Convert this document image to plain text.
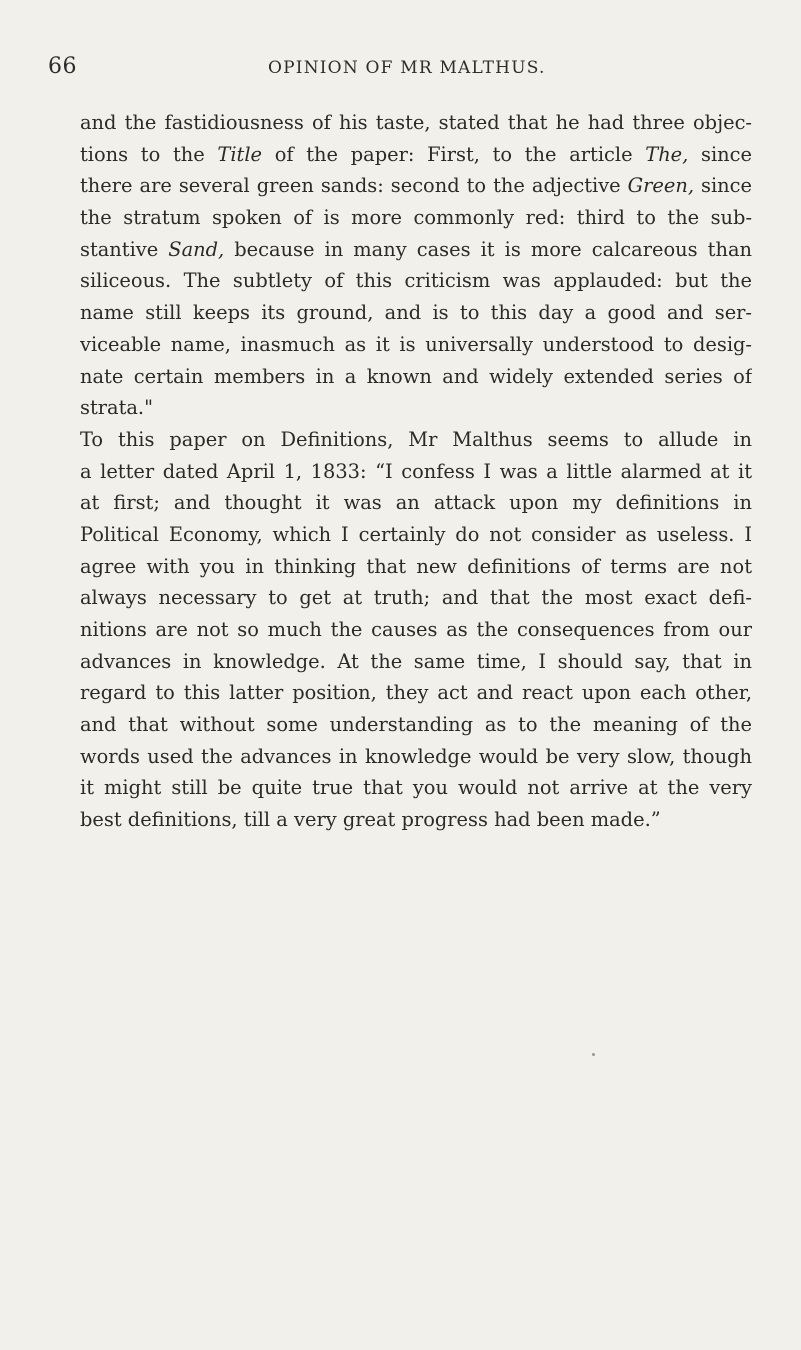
66	OPINION OF MR MALTHUS.
and the fastidiousness of his taste, stated that he had three objec-
tions to the Title of the paper: First, to the article The, since
there are several green sands: second to the adjective Green, since
the stratum spoken of is more commonly red: third to the sub-
stantive Sand, because in many cases it is more calcareous than
siliceous. The subtlety of this criticism was applauded: but the
name still keeps its ground, and is to this day a good and ser-
viceable name, inasmuch as it is universally understood to desig-
nate certain members in a known and widely extended series of
strata."
To this paper on Definitions, Mr Malthus seems to allude in
a letter dated April 1, 1833: “I confess I was a little alarmed at it
at first; and thought it was an attack upon my definitions in
Political Economy, which I certainly do not consider as useless. I
agree with you in thinking that new definitions of terms are not
always necessary to get at truth; and that the most exact defi-
nitions are not so much the causes as the consequences from our
advances in knowledge. At the same time, I should say, that in
regard to this latter position, they act and react upon each other,
and that without some understanding as to the meaning of the
words used the advances in knowledge would be very slow, though
it might still be quite true that you would not arrive at the very
best definitions, till a very great progress had been made.”
